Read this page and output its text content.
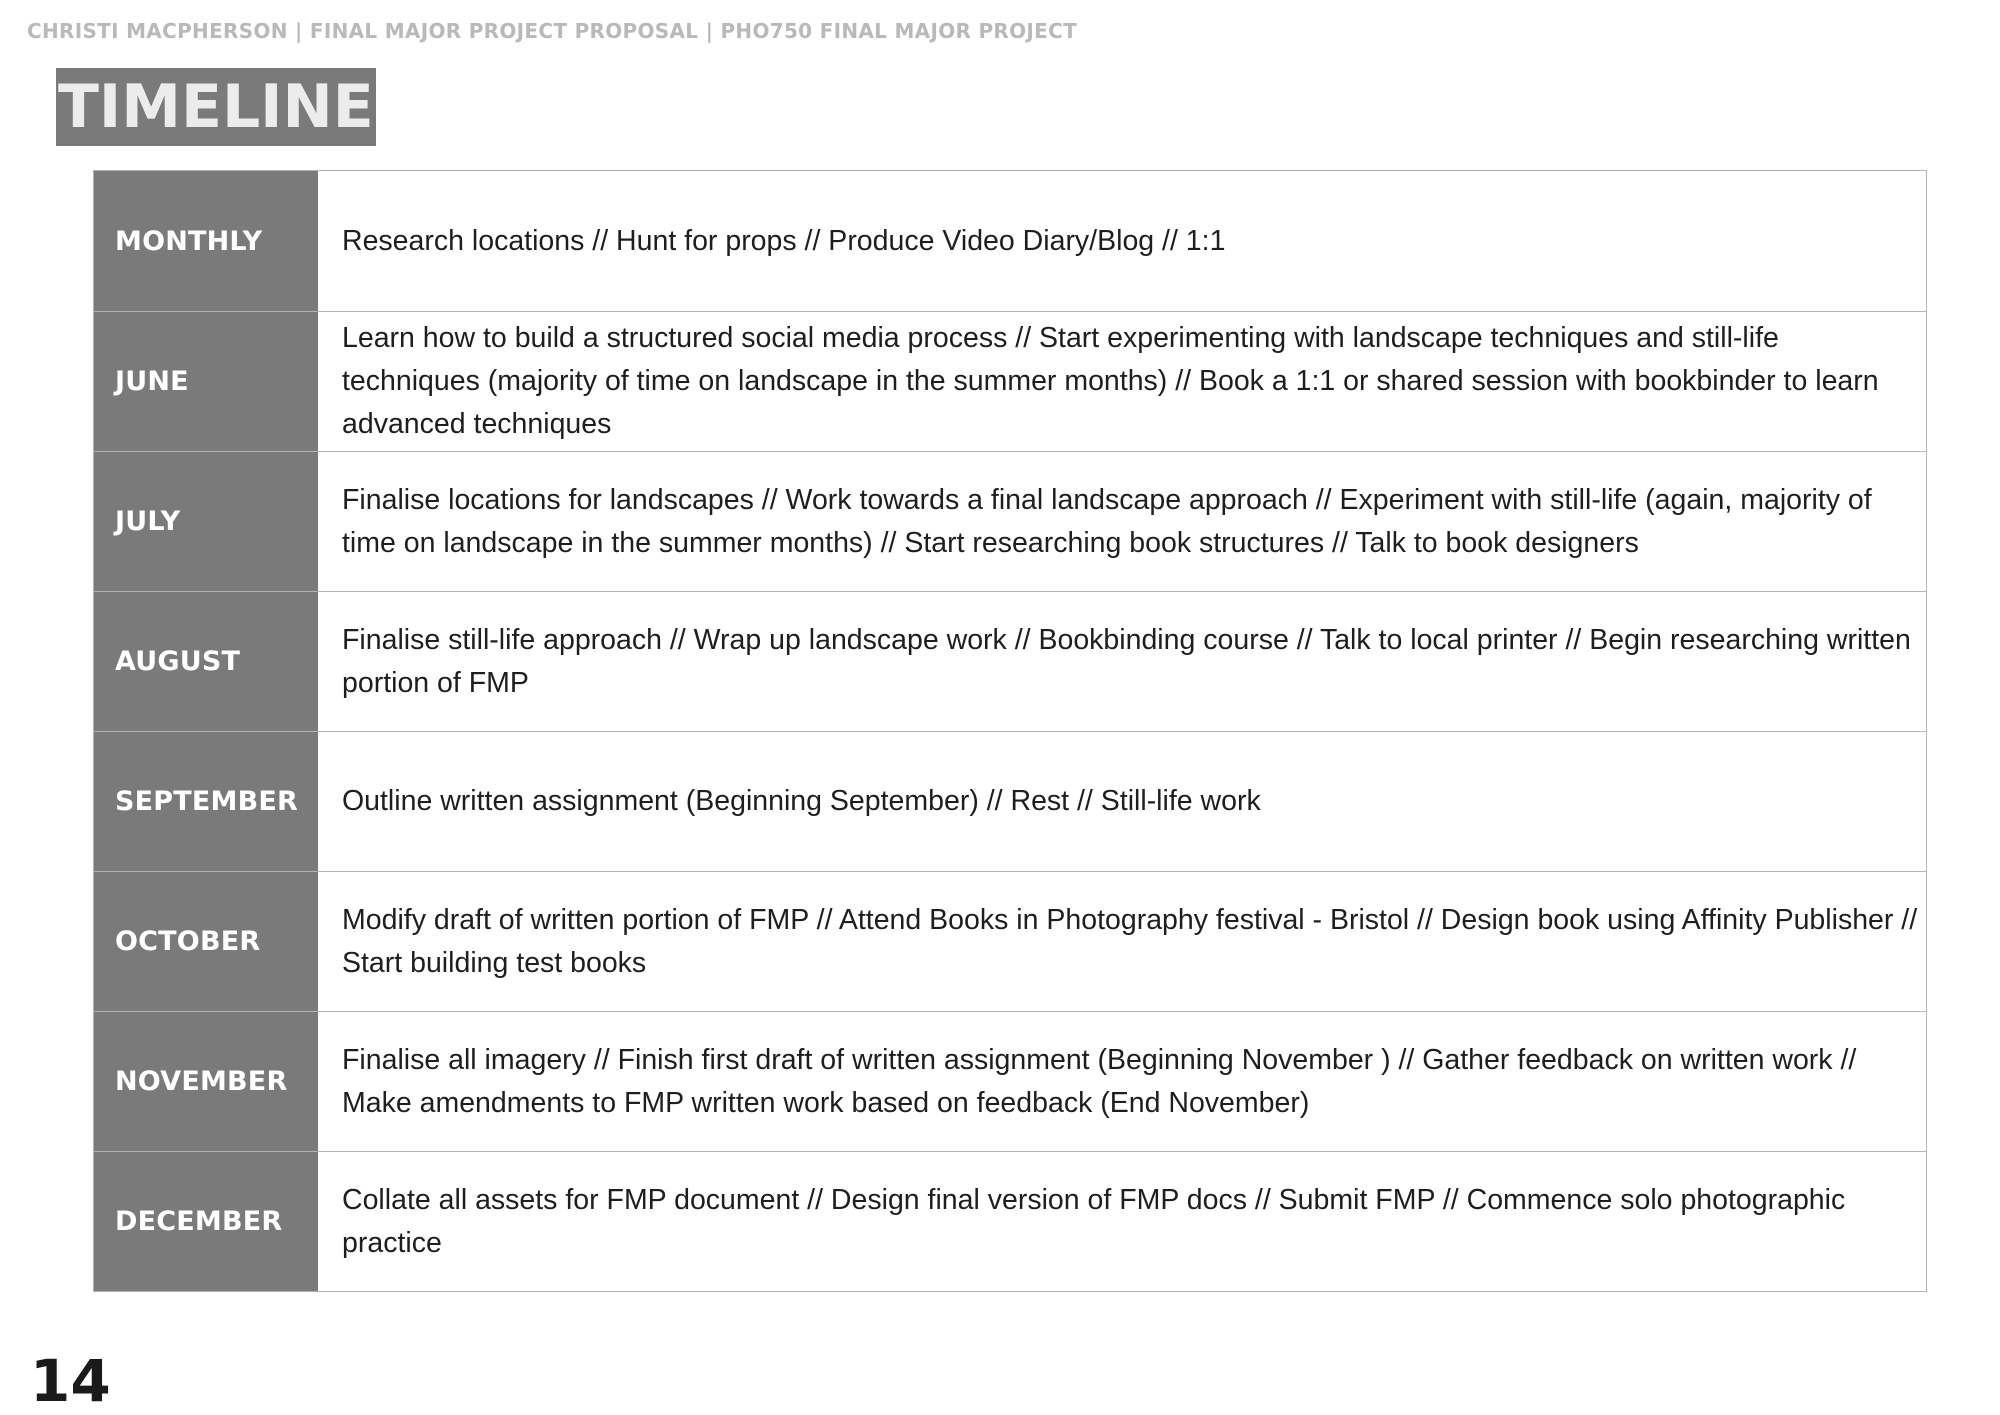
CHRISTI MACPHERSON | FINAL MAJOR PROJECT PROPOSAL | PHO750 FINAL MAJOR PROJECT
TIMELINE
MONTHLY	Research locations // Hunt for props // Produce Video Diary/Blog // 1:1
JUNE
Learn how to build a structured social media process // Start experimenting with landscape techniques and still-life techniques (majority of time on landscape in the summer months) // Book a 1:1 or shared session with bookbinder to learn advanced techniques
JULY
Finalise locations for landscapes // Work towards a final landscape approach // Experiment with still-life (again, majority of time on landscape in the summer months) // Start researching book structures // Talk to book designers
AUGUST
Finalise still-life approach // Wrap up landscape work // Bookbinding course // Talk to local printer // Begin researching written portion of FMP
SEPTEMBER Outline written assignment (Beginning September) // Rest // Still-life work
OCTOBER
Modify draft of written portion of FMP // Attend Books in Photography festival - Bristol // Design book using Affinity Publisher // Start building test books
NOVEMBER
Finalise all imagery // Finish first draft of written assignment (Beginning November ) // Gather feedback on written work // Make amendments to FMP written work based on feedback (End November)
DECEMBER
Collate all assets for FMP document // Design final version of FMP docs // Submit FMP // Commence solo photographic practice
14
